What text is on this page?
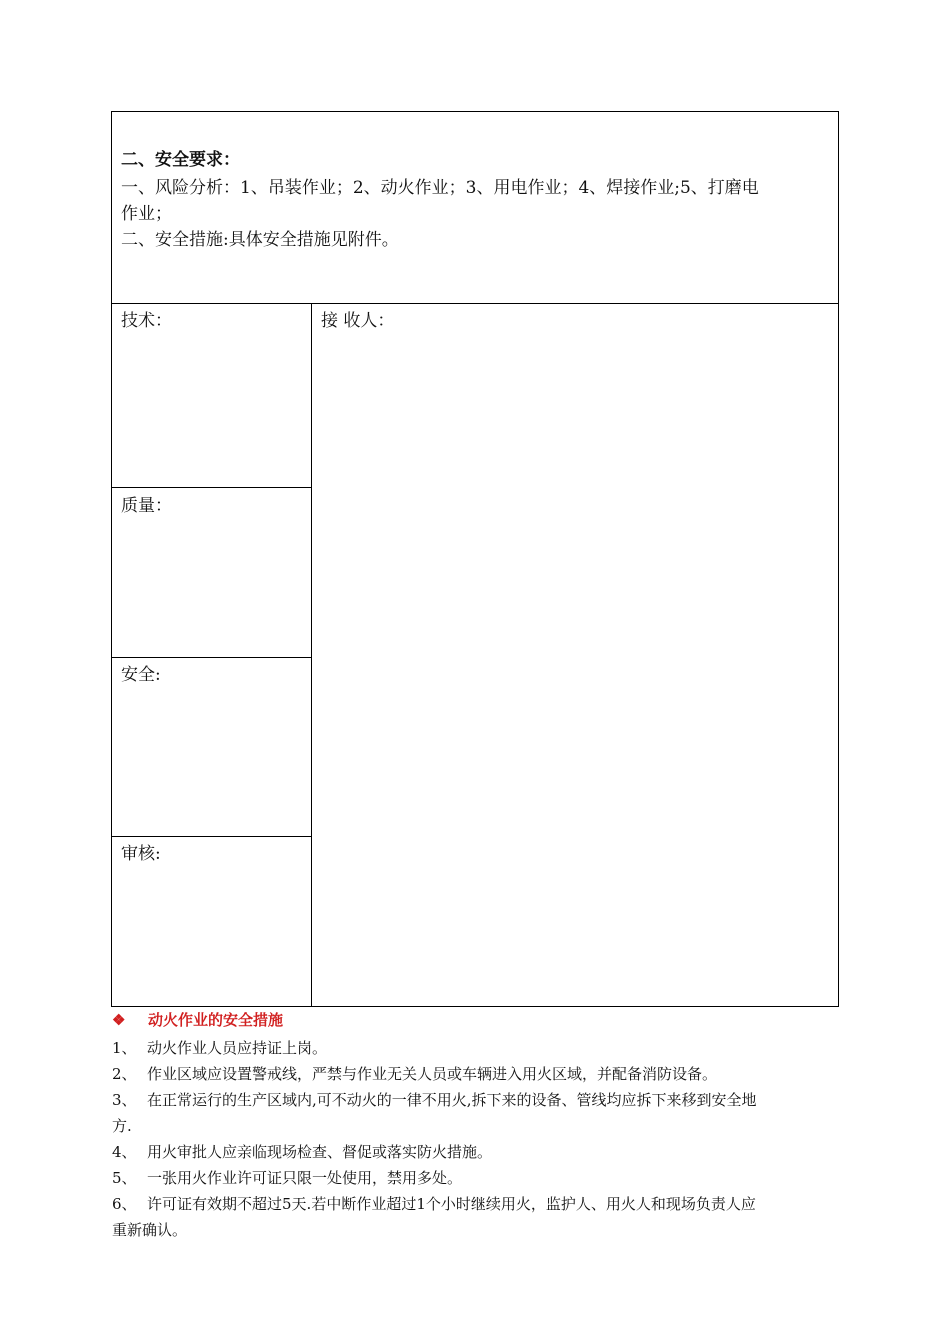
二、安全要求：
一、风险分析：1、吊装作业；2、动火作业；3、用电作业；4、焊接作业;5、打磨电
作业；
二、安全措施:具体安全措施见附件。
技术：
质量：
安全:
审核:
接 收人：
❖ 动火作业的安全措施
1、 动火作业人员应持证上岗。
2、 作业区域应设置警戒线，严禁与作业无关人员或车辆进入用火区域，并配备消防设备。
3、 在正常运行的生产区域内,可不动火的一律不用火,拆下来的设备、管线均应拆下来移到安全地
方.
4、 用火审批人应亲临现场检查、督促或落实防火措施。
5、 一张用火作业许可证只限一处使用，禁用多处。
6、 许可证有效期不超过5天.若中断作业超过1个小时继续用火，监护人、用火人和现场负责人应
重新确认。
